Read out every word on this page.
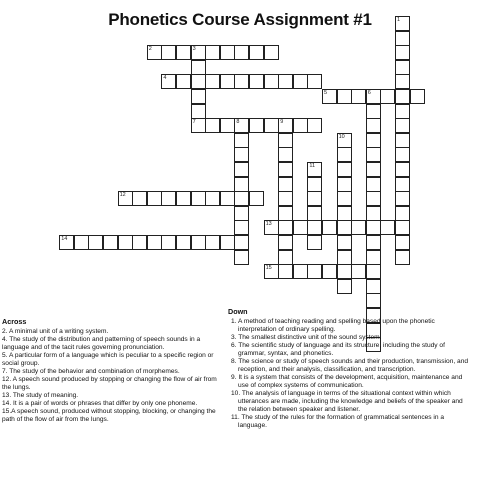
Phonetics Course Assignment #1	1
2	3
4
5	6
7	8	9
10
11
12
13
14
15
Across

2. A minimal unit of a writing system.

4. The study of the distribution and patterning of speech sounds in a language and of the tacit rules governing pronunciation.

5. A particular form of a language which is peculiar to a specific region or social group.

7. The study of the behavior and combination of morphemes.

12. A speech sound produced by stopping or changing the flow of air from the lungs.

13. The study of meaning.

14. It is a pair of words or phrases that differ by only one phoneme.

15.A speech sound, produced without stopping, blocking, or changing the path of the flow of air from the lungs.

Down

1. A method of teaching reading and spelling based upon the phonetic interpretation of ordinary spelling.

3. The smallest distinctive unit of the sound system.

6. The scientific study of language and its structure, including the study of grammar, syntax, and phonetics.

8. The science or study of speech sounds and their production, transmission, and reception, and their analysis, classification, and transcription.

9. It is a system that consists of the development, acquisition, maintenance and use of complex systems of communication.

10. The analysis of language in terms of the situational context within which utterances are made, including the knowledge and beliefs of the speaker and the relation between speaker and listener.

11. The study of the rules for the formation of grammatical sentences in a language.
